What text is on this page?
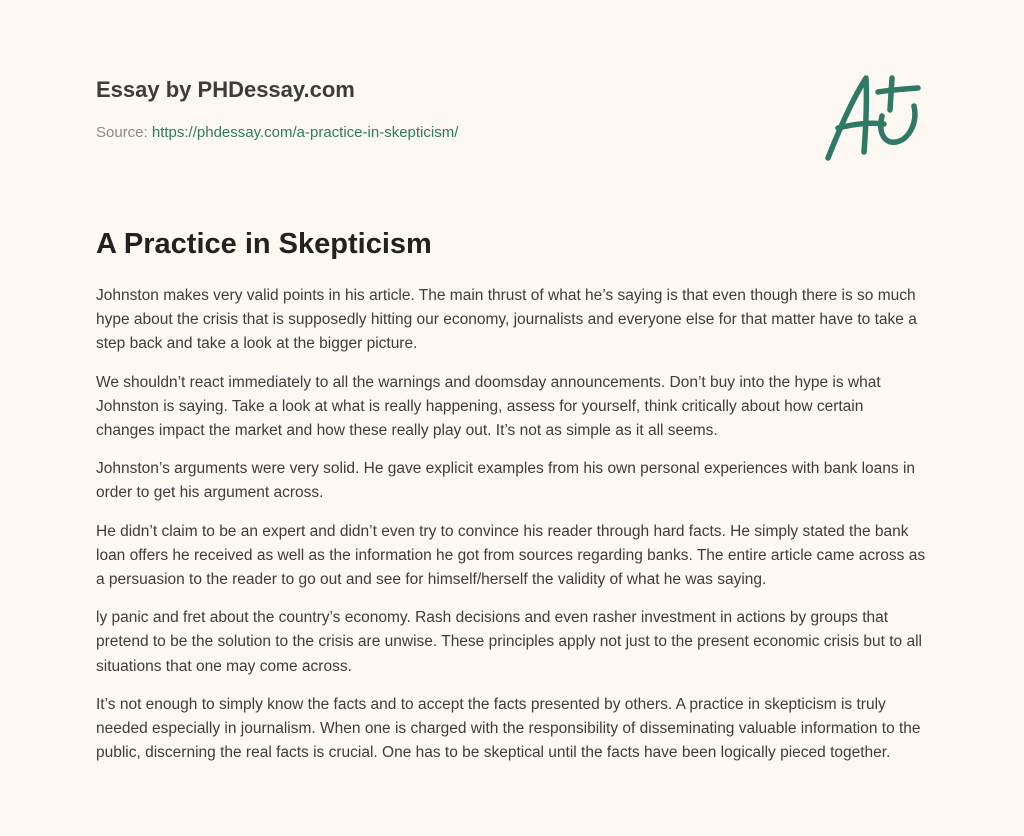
Essay by PHDessay.com
Source: https://phdessay.com/a-practice-in-skepticism/
A Practice in Skepticism

Johnston makes very valid points in his article. The main thrust of what he’s saying is that even though there is so much hype about the crisis that is supposedly hitting our economy, journalists and everyone else for that matter have to take a step back and take a look at the bigger picture.

We shouldn’t react immediately to all the warnings and doomsday announcements. Don’t buy into the hype is what Johnston is saying. Take a look at what is really happening, assess for yourself, think critically about how certain changes impact the market and how these really play out. It’s not as simple as it all seems.

Johnston’s arguments were very solid. He gave explicit examples from his own personal experiences with bank loans in order to get his argument across.

He didn’t claim to be an expert and didn’t even try to convince his reader through hard facts. He simply stated the bank loan offers he received as well as the information he got from sources regarding banks. The entire article came across as a persuasion to the reader to go out and see for himself/herself the validity of what he was saying.

ly panic and fret about the country’s economy. Rash decisions and even rasher investment in actions by groups that pretend to be the solution to the crisis are unwise. These principles apply not just to the present economic crisis but to all situations that one may come across.

It’s not enough to simply know the facts and to accept the facts presented by others. A practice in skepticism is truly needed especially in journalism. When one is charged with the responsibility of disseminating valuable information to the public, discerning the real facts is crucial. One has to be skeptical until the facts have been logically pieced together.
